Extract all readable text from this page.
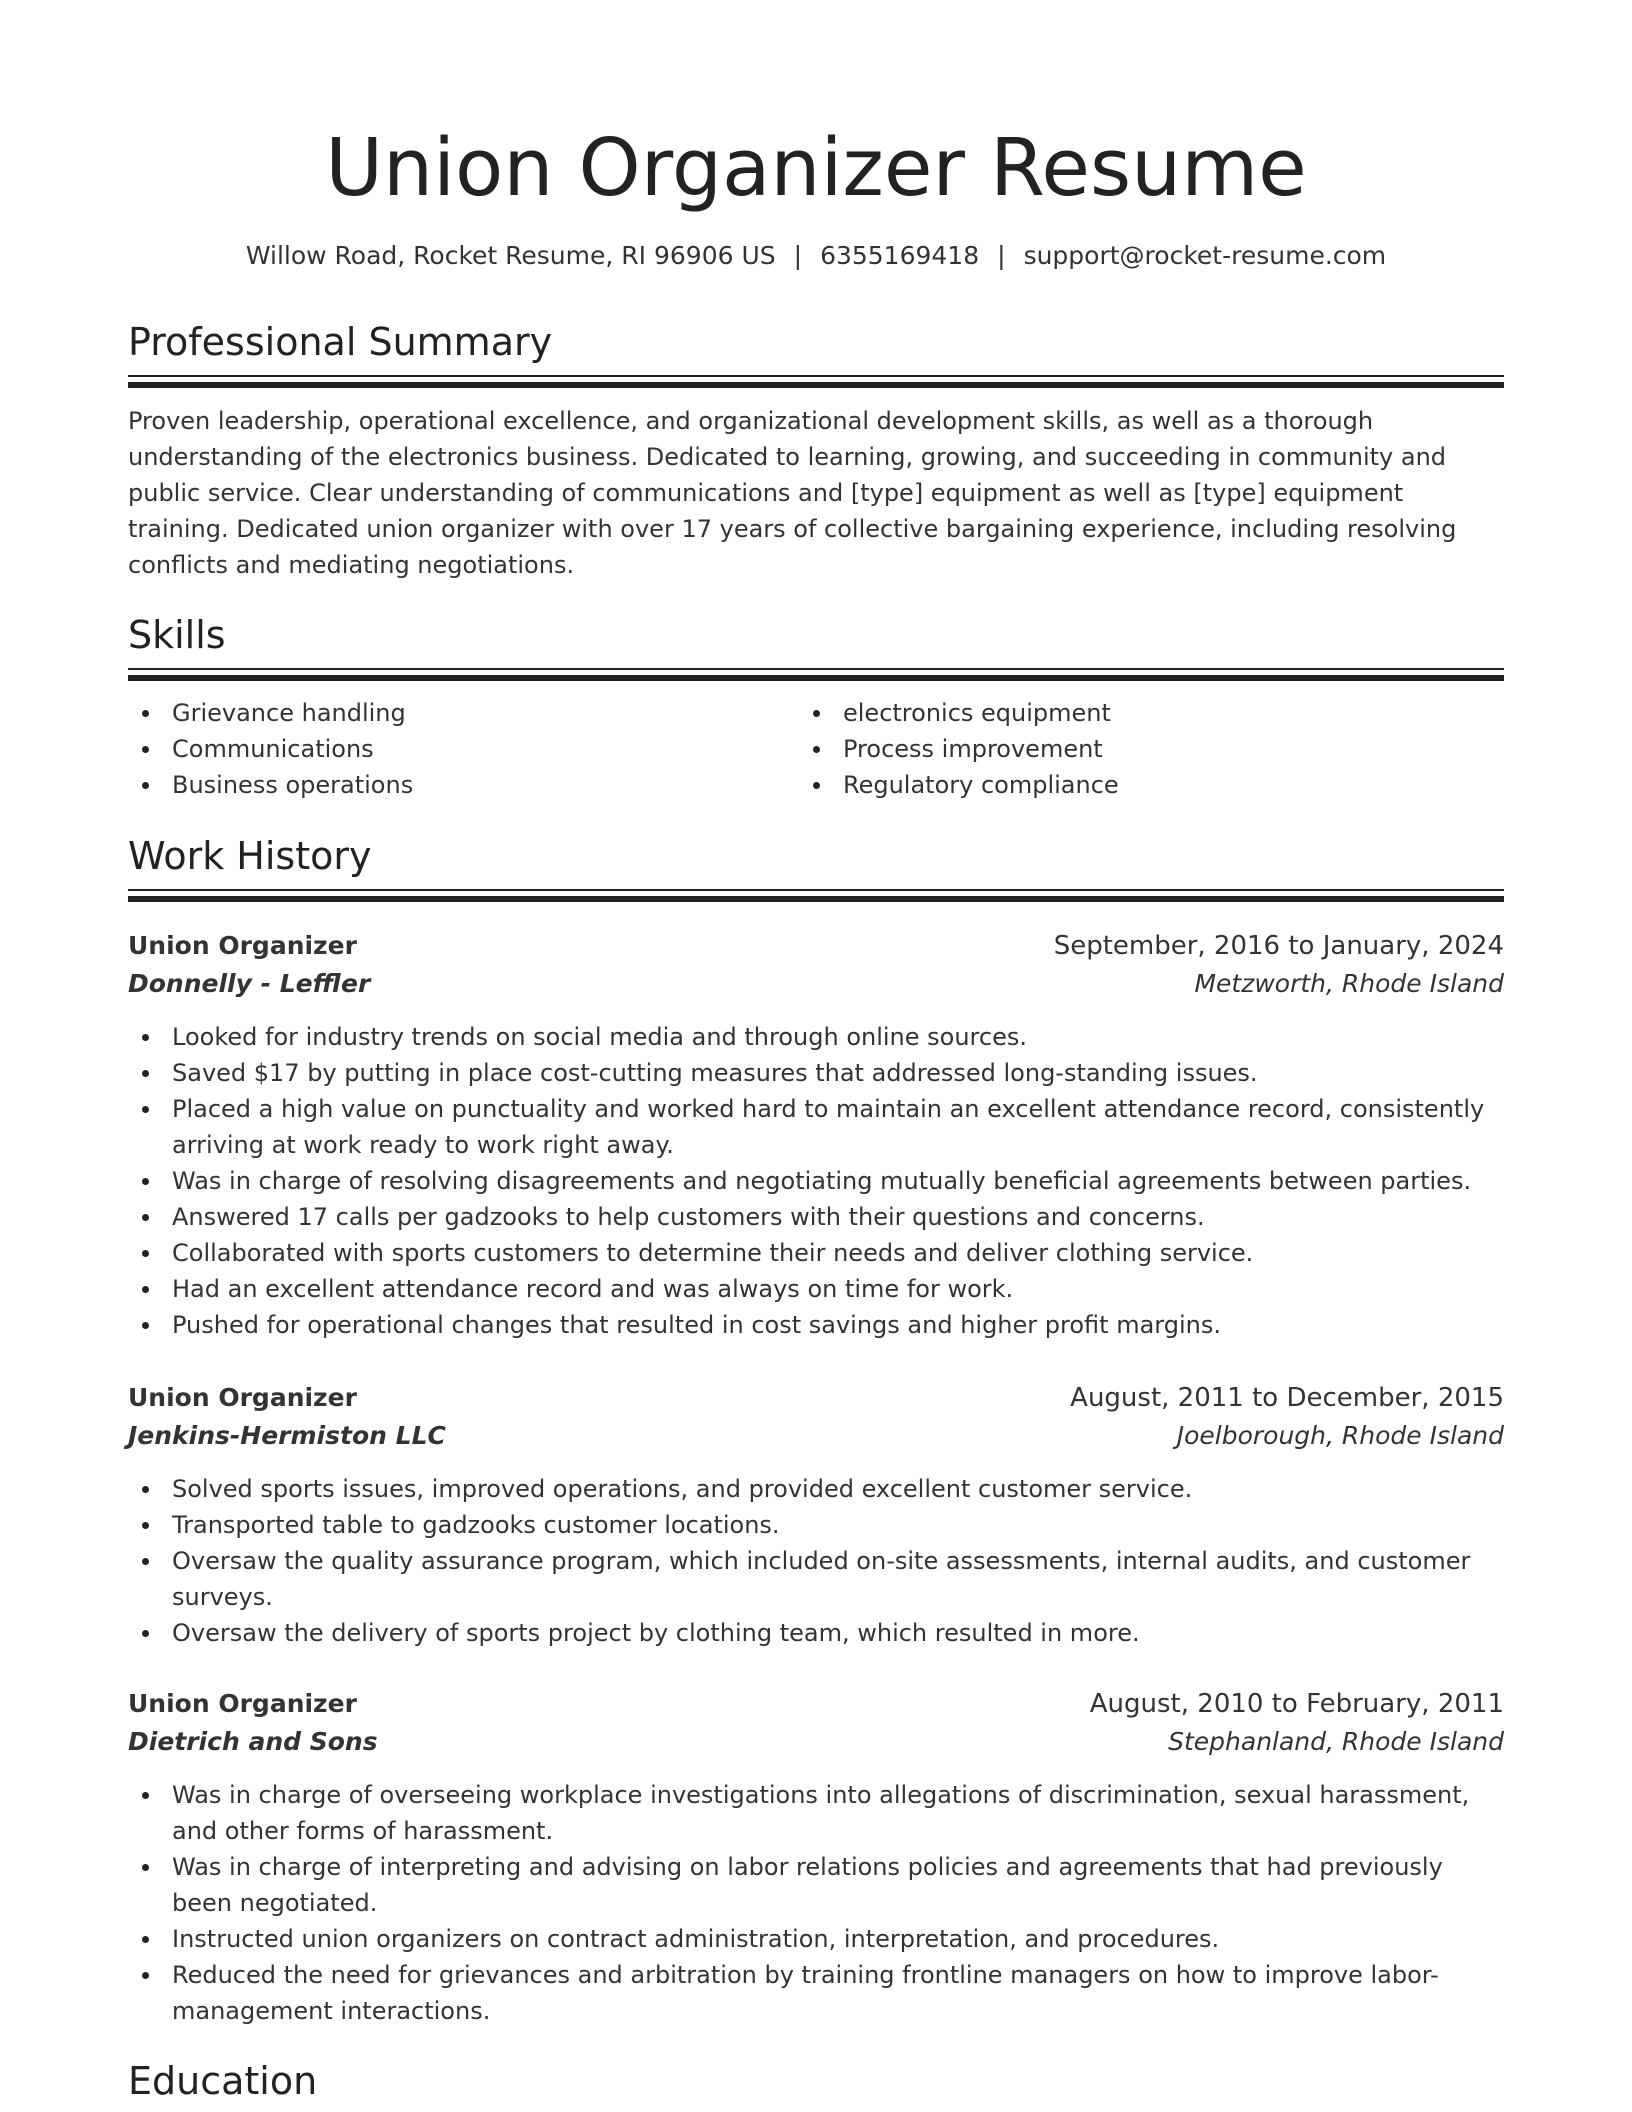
Union Organizer Resume
Willow Road, Rocket Resume, RI 96906 US | 6355169418 | support@rocket-resume.com
Professional Summary

Proven leadership, operational excellence, and organizational development skills, as well as a thorough understanding of the electronics business. Dedicated to learning, growing, and succeeding in community and public service. Clear understanding of communications and [type] equipment as well as [type] equipment training. Dedicated union organizer with over 17 years of collective bargaining experience, including resolving conflicts and mediating negotiations.

Skills
Grievance handling
Communications
Business operations
electronics equipment
Process improvement
Regulatory compliance
Work History
Union Organizer	September, 2016 to January, 2024
Donnelly - Leffler	Metzworth, Rhode Island
Looked for industry trends on social media and through online sources.
Saved $17 by putting in place cost-cutting measures that addressed long-standing issues.
Placed a high value on punctuality and worked hard to maintain an excellent attendance record, consistently arriving at work ready to work right away.
Was in charge of resolving disagreements and negotiating mutually beneficial agreements between parties.
Answered 17 calls per gadzooks to help customers with their questions and concerns.
Collaborated with sports customers to determine their needs and deliver clothing service.
Had an excellent attendance record and was always on time for work.
Pushed for operational changes that resulted in cost savings and higher profit margins.
Union Organizer	August, 2011 to December, 2015
Jenkins-Hermiston LLC	Joelborough, Rhode Island
Solved sports issues, improved operations, and provided excellent customer service.
Transported table to gadzooks customer locations.
Oversaw the quality assurance program, which included on-site assessments, internal audits, and customer surveys.
Oversaw the delivery of sports project by clothing team, which resulted in more.
Union Organizer	August, 2010 to February, 2011
Dietrich and Sons	Stephanland, Rhode Island
Was in charge of overseeing workplace investigations into allegations of discrimination, sexual harassment, and other forms of harassment.
Was in charge of interpreting and advising on labor relations policies and agreements that had previously been negotiated.
Instructed union organizers on contract administration, interpretation, and procedures.
Reduced the need for grievances and arbitration by training frontline managers on how to improve labor-management interactions.
Education
